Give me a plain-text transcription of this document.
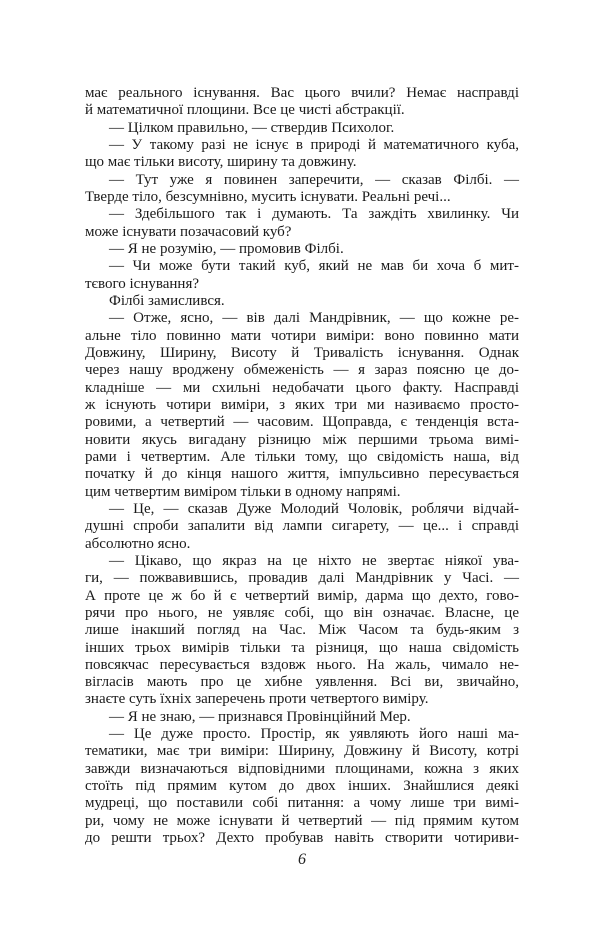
має реального існування. Вас цього вчили? Немає насправді
й математичної площини. Все це чисті абстракції.
— Цілком правильно, — ствердив Психолог.
— У такому разі не існує в природі й математичного куба,
що має тільки висоту, ширину та довжину.
— Тут уже я повинен заперечити, — сказав Філбі. —
Тверде тіло, безсумнівно, мусить існувати. Реальні речі...
— Здебільшого так і думають. Та заждіть хвилинку. Чи
може існувати позачасовий куб?
— Я не розумію, — промовив Філбі.
— Чи може бути такий куб, який не мав би хоча б мит-
тєвого існування?
Філбі замислився.
— Отже, ясно, — вів далі Мандрівник, — що кожне ре-
альне тіло повинно мати чотири виміри: воно повинно мати
Довжину, Ширину, Висоту й Тривалість існування. Однак
через нашу вроджену обмеженість — я зараз поясню це до-
кладніше — ми схильні недобачати цього факту. Насправді
ж існують чотири виміри, з яких три ми називаємо просто-
ровими, а четвертий — часовим. Щоправда, є тенденція вста-
новити якусь вигадану різницю між першими трьома вимі-
рами і четвертим. Але тільки тому, що свідомість наша, від
початку й до кінця нашого життя, імпульсивно пересувається
цим четвертим виміром тільки в одному напрямі.
— Це, — сказав Дуже Молодий Чоловік, роблячи відчай-
душні спроби запалити від лампи сигарету, — це... і справді
абсолютно ясно.
— Цікаво, що якраз на це ніхто не звертає ніякої ува-
ги, — пожвавившись, провадив далі Мандрівник у Часі. —
А проте це ж бо й є четвертий вимір, дарма що дехто, гово-
рячи про нього, не уявляє собі, що він означає. Власне, це
лише інакший погляд на Час. Між Часом та будь-яким з
інших трьох вимірів тільки та різниця, що наша свідомість
повсякчас пересувається вздовж нього. На жаль, чимало не-
вігласів мають про це хибне уявлення. Всі ви, звичайно,
знаєте суть їхніх заперечень проти четвертого виміру.
— Я не знаю, — признався Провінційний Мер.
— Це дуже просто. Простір, як уявляють його наші ма-
тематики, має три виміри: Ширину, Довжину й Висоту, котрі
завжди визначаються відповідними площинами, кожна з яких
стоїть під прямим кутом до двох інших. Знайшлися деякі
мудреці, що поставили собі питання: а чому лише три вимі-
ри, чому не може існувати й четвертий — під прямим кутом
до решти трьох? Дехто пробував навіть створити чотириви-
6
